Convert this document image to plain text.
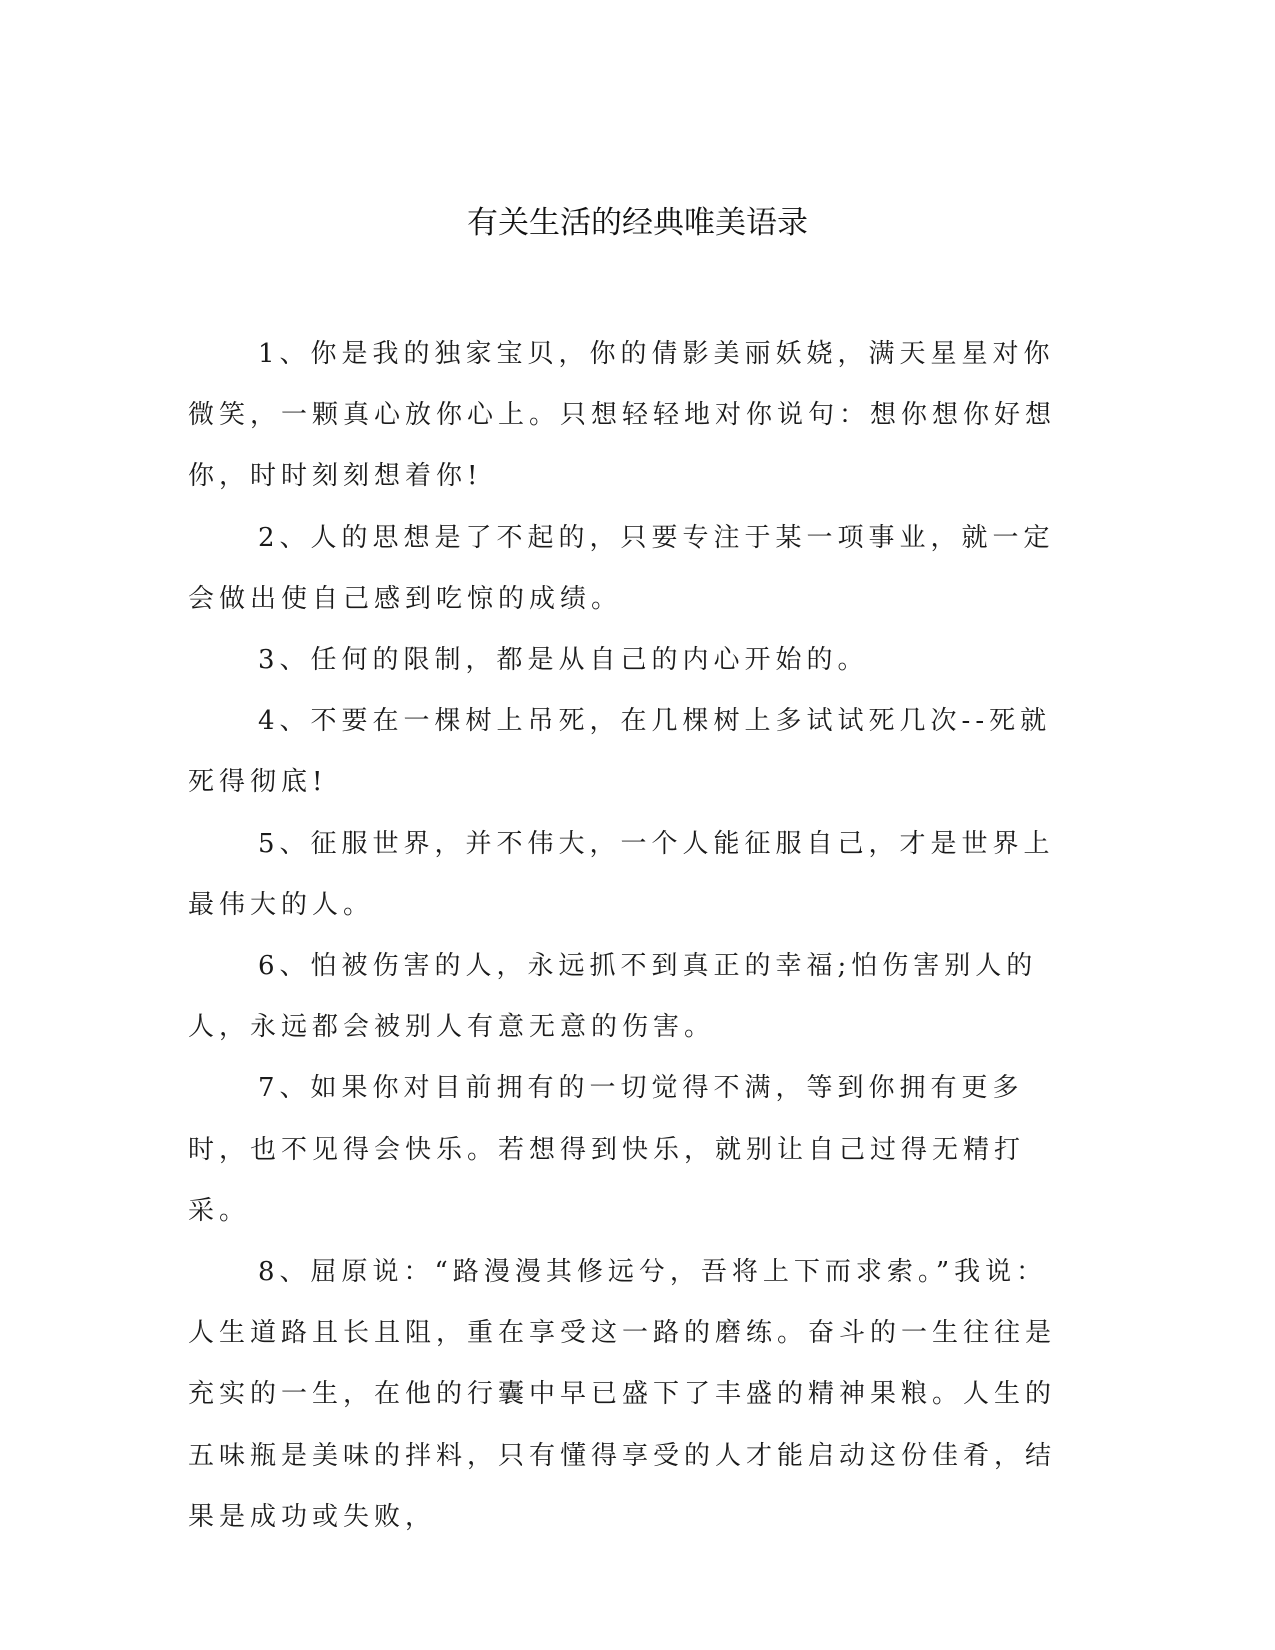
有关生活的经典唯美语录

1、你是我的独家宝贝，你的倩影美丽妖娆，满天星星对你微笑，一颗真心放你心上。只想轻轻地对你说句：想你想你好想你，时时刻刻想着你!

2、人的思想是了不起的，只要专注于某一项事业，就一定会做出使自己感到吃惊的成绩。

3、任何的限制，都是从自己的内心开始的。

4、不要在一棵树上吊死，在几棵树上多试试死几次--死就死得彻底!

5、征服世界，并不伟大，一个人能征服自己，才是世界上最伟大的人。

6、怕被伤害的人，永远抓不到真正的幸福;怕伤害别人的人，永远都会被别人有意无意的伤害。

7、如果你对目前拥有的一切觉得不满，等到你拥有更多时，也不见得会快乐。若想得到快乐，就别让自己过得无精打采。

8、屈原说：“路漫漫其修远兮，吾将上下而求索。”我说：人生道路且长且阻，重在享受这一路的磨练。奋斗的一生往往是充实的一生，在他的行囊中早已盛下了丰盛的精神果粮。人生的五味瓶是美味的拌料，只有懂得享受的人才能启动这份佳肴，结果是成功或失败，
